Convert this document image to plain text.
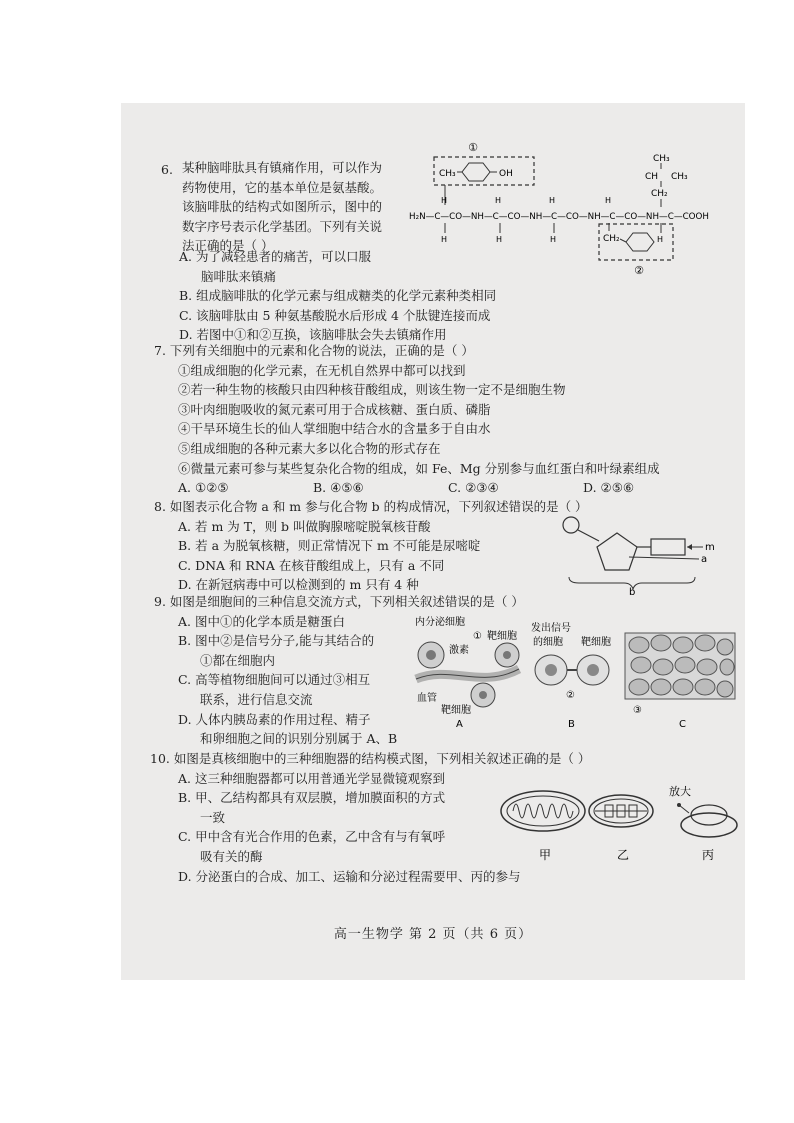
6. 某种脑啡肽具有镇痛作用，可以作为
药物使用，它的基本单位是氨基酸。
该脑啡肽的结构式如图所示，图中的
数字序号表示化学基团。下列有关说
法正确的是（ ）
A. 为了减轻患者的痛苦，可以口服
脑啡肽来镇痛
B. 组成脑啡肽的化学元素与组成糖类的化学元素种类相同
C. 该脑啡肽由 5 种氨基酸脱水后形成 4 个肽键连接而成
D. 若图中①和②互换，该脑啡肽会失去镇痛作用
①
CH₃	OH
H	H	H	H
CH₃
CH CH₃
CH₂
H₂N—C—CO—NH—C—CO—NH—C—CO—NH—C—CO—NH—C—COOH
H	H	H	H
CH₂
②
7. 下列有关细胞中的元素和化合物的说法，正确的是（ ）
①组成细胞的化学元素，在无机自然界中都可以找到
②若一种生物的核酸只由四种核苷酸组成，则该生物一定不是细胞生物
③叶肉细胞吸收的氮元素可用于合成核糖、蛋白质、磷脂
④干旱环境生长的仙人掌细胞中结合水的含量多于自由水
⑤组成细胞的各种元素大多以化合物的形式存在
⑥微量元素可参与某些复杂化合物的组成，如 Fe、Mg 分别参与血红蛋白和叶绿素组成
A. ①②⑤	B. ④⑤⑥	C. ②③④	D. ②⑤⑥
8. 如图表示化合物 a 和 m 参与化合物 b 的构成情况，下列叙述错误的是（ ）
A. 若 m 为 T，则 b 叫做胸腺嘧啶脱氧核苷酸
B. 若 a 为脱氧核糖，则正常情况下 m 不可能是尿嘧啶
C. DNA 和 RNA 在核苷酸组成上，只有 a 不同
D. 在新冠病毒中可以检测到的 m 只有 4 种
m
a
b
9. 如图是细胞间的三种信息交流方式，下列相关叙述错误的是（ ）
A. 图中①的化学本质是糖蛋白
B. 图中②是信号分子,能与其结合的
①都在细胞内
C. 高等植物细胞间可以通过③相互
联系，进行信息交流
D. 人体内胰岛素的作用过程、精子
和卵细胞之间的识别分别属于 A、B
内分泌细胞
① 靶细胞
激素
血管
靶细胞
A
发出信号
的细胞 靶细胞
②
B
③
C
10. 如图是真核细胞中的三种细胞器的结构模式图，下列相关叙述正确的是（ ）
A. 这三种细胞器都可以用普通光学显微镜观察到
B. 甲、乙结构都具有双层膜，增加膜面积的方式
一致
C. 甲中含有光合作用的色素，乙中含有与有氧呼
吸有关的酶
D. 分泌蛋白的合成、加工、运输和分泌过程需要甲、丙的参与
甲	乙
放大
丙
高一生物学 第 2 页（共 6 页）
